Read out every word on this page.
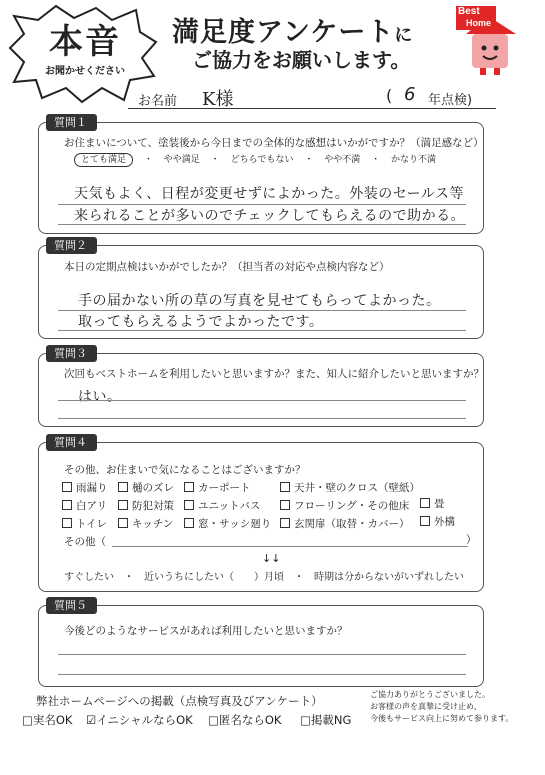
本音
お聞かせください
満足度アンケートに
ご協力をお願いします。
Best
Home
お名前 K様	( 6 年点検)
質問１
お住まいについて、塗装後から今日までの全体的な感想はいかがですか？（満足感など）
とても満足 ・ やや満足 ・ どちらでもない ・ やや不満 ・ かなり不満
天気もよく、日程が変更せずによかった。外装のセールス等
来られることが多いのでチェックしてもらえるので助かる。
質問２
本日の定期点検はいかがでしたか？（担当者の対応や点検内容など）
手の届かない所の草の写真を見せてもらってよかった。
取ってもらえるようでよかったです。
質問３
次回もベストホームを利用したいと思いますか？また、知人に紹介したいと思いますか？
はい。
質問４
その他、お住まいで気になることはございますか？
雨漏り
白アリ
トイレ
樋のズレ
防犯対策
キッチン
カーポート
ユニットバス
窓・サッシ廻り
天井・壁のクロス（壁紙）
フローリング・その他床
玄関扉（取替・カバー）
畳
外構
その他（	）
↓↓
すぐしたい　・　近いうちにしたい（　　）月頃　・　時期は分からないがいずれしたい
質問５
今後どのようなサービスがあれば利用したいと思いますか？
弊社ホームページへの掲載（点検写真及びアンケート）
□実名OK ☑イニシャルならOK □匿名ならOK □掲載NG
ご協力ありがとうございました。
お客様の声を真摯に受け止め、
今後もサービス向上に努めて参ります。
